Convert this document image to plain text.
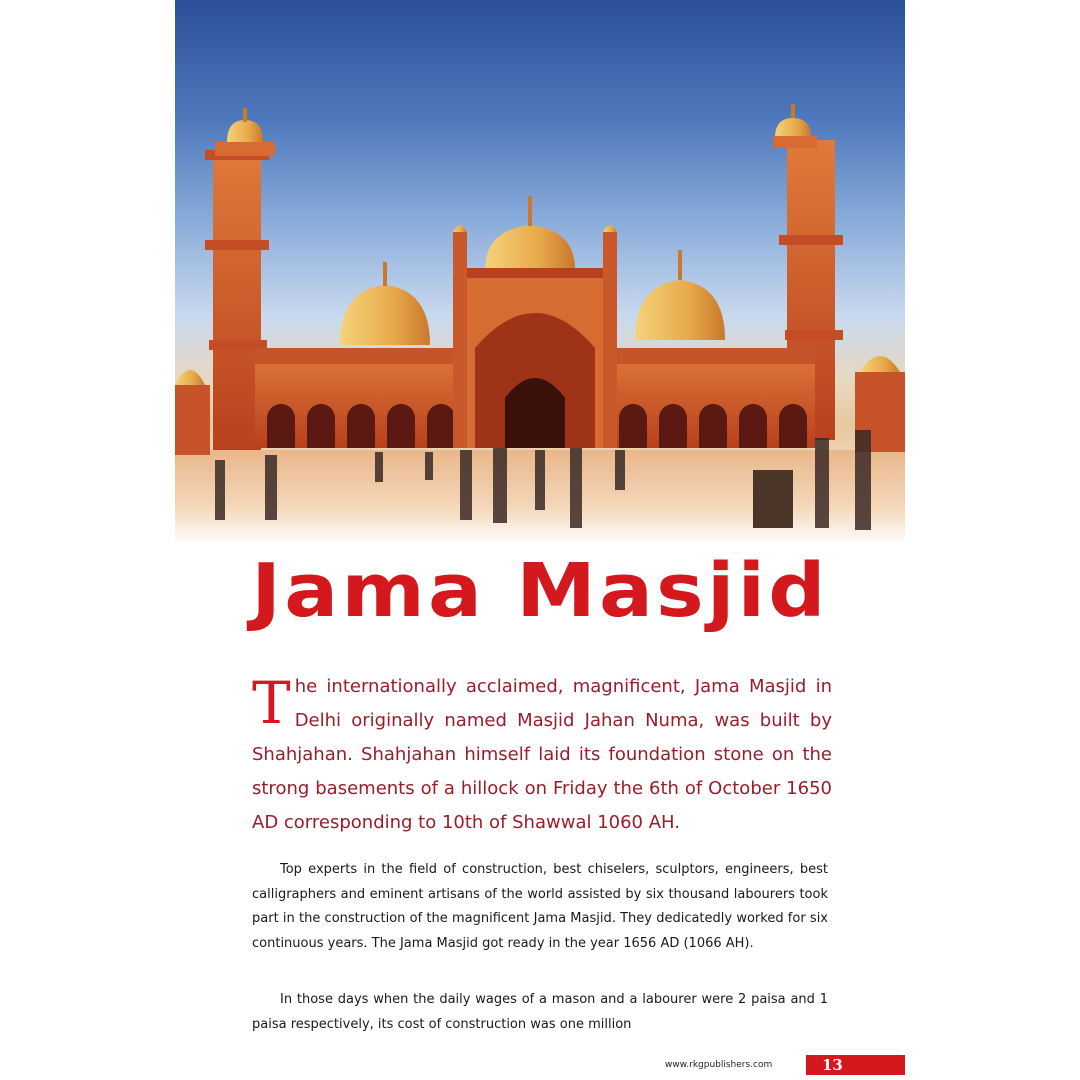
Jama Masjid
The internationally acclaimed, magnificent, Jama Masjid in Delhi originally named Masjid Jahan Numa, was built by Shahjahan. Shahjahan himself laid its foundation stone on the strong basements of a hillock on Friday the 6th of October 1650 AD corresponding to 10th of Shawwal 1060 AH.
Top experts in the field of construction, best chiselers, sculptors, engineers, best calligraphers and eminent artisans of the world assisted by six thousand labourers took part in the construction of the magnificent Jama Masjid. They dedicatedly worked for six continuous years. The Jama Masjid got ready in the year 1656 AD (1066 AH).
In those days when the daily wages of a mason and a labourer were 2 paisa and 1 paisa respectively, its cost of construction was one million
www.rkgpublishers.com	13
